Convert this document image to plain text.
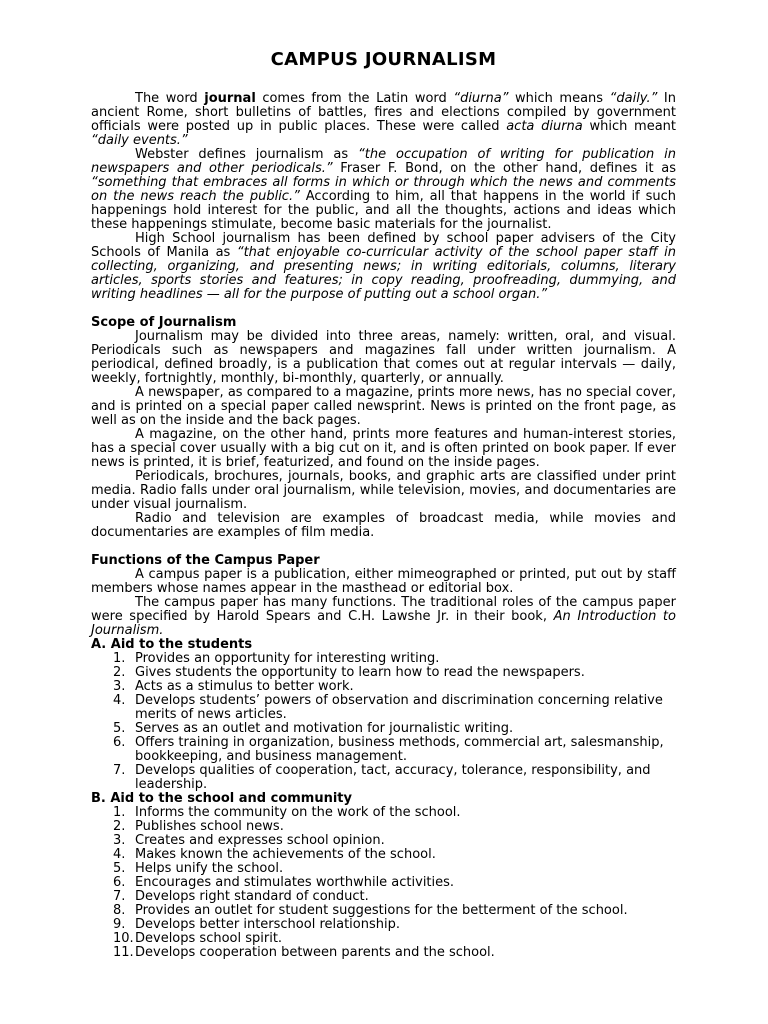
CAMPUS JOURNALISM

The word journal comes from the Latin word “diurna” which means “daily.” In ancient Rome, short bulletins of battles, fires and elections compiled by government officials were posted up in public places. These were called acta diurna which meant “daily events.”

Webster defines journalism as “the occupation of writing for publication in newspapers and other periodicals.” Fraser F. Bond, on the other hand, defines it as “something that embraces all forms in which or through which the news and comments on the news reach the public.” According to him, all that happens in the world if such happenings hold interest for the public, and all the thoughts, actions and ideas which these happenings stimulate, become basic materials for the journalist.

High School journalism has been defined by school paper advisers of the City Schools of Manila as “that enjoyable co-curricular activity of the school paper staff in collecting, organizing, and presenting news; in writing editorials, columns, literary articles, sports stories and features; in copy reading, proofreading, dummying, and writing headlines — all for the purpose of putting out a school organ.”

Scope of Journalism

Journalism may be divided into three areas, namely: written, oral, and visual. Periodicals such as newspapers and magazines fall under written journalism. A periodical, defined broadly, is a publication that comes out at regular intervals — daily, weekly, fortnightly, monthly, bi-monthly, quarterly, or annually.

A newspaper, as compared to a magazine, prints more news, has no special cover, and is printed on a special paper called newsprint. News is printed on the front page, as well as on the inside and the back pages.

A magazine, on the other hand, prints more features and human-interest stories, has a special cover usually with a big cut on it, and is often printed on book paper. If ever news is printed, it is brief, featurized, and found on the inside pages.

Periodicals, brochures, journals, books, and graphic arts are classified under print media. Radio falls under oral journalism, while television, movies, and documentaries are under visual journalism.

Radio and television are examples of broadcast media, while movies and documentaries are examples of film media.

Functions of the Campus Paper

A campus paper is a publication, either mimeographed or printed, put out by staff members whose names appear in the masthead or editorial box.

The campus paper has many functions. The traditional roles of the campus paper were specified by Harold Spears and C.H. Lawshe Jr. in their book, An Introduction to Journalism.

A. Aid to the students
1. Provides an opportunity for interesting writing.
2. Gives students the opportunity to learn how to read the newspapers.
3. Acts as a stimulus to better work.
4. Develops students’ powers of observation and discrimination concerning relative merits of news articles.
5. Serves as an outlet and motivation for journalistic writing.
6. Offers training in organization, business methods, commercial art, salesmanship, bookkeeping, and business management.
7. Develops qualities of cooperation, tact, accuracy, tolerance, responsibility, and leadership.
B. Aid to the school and community
1. Informs the community on the work of the school.
2. Publishes school news.
3. Creates and expresses school opinion.
4. Makes known the achievements of the school.
5. Helps unify the school.
6. Encourages and stimulates worthwhile activities.
7. Develops right standard of conduct.
8. Provides an outlet for student suggestions for the betterment of the school.
9. Develops better interschool relationship.
10. Develops school spirit.
11. Develops cooperation between parents and the school.
